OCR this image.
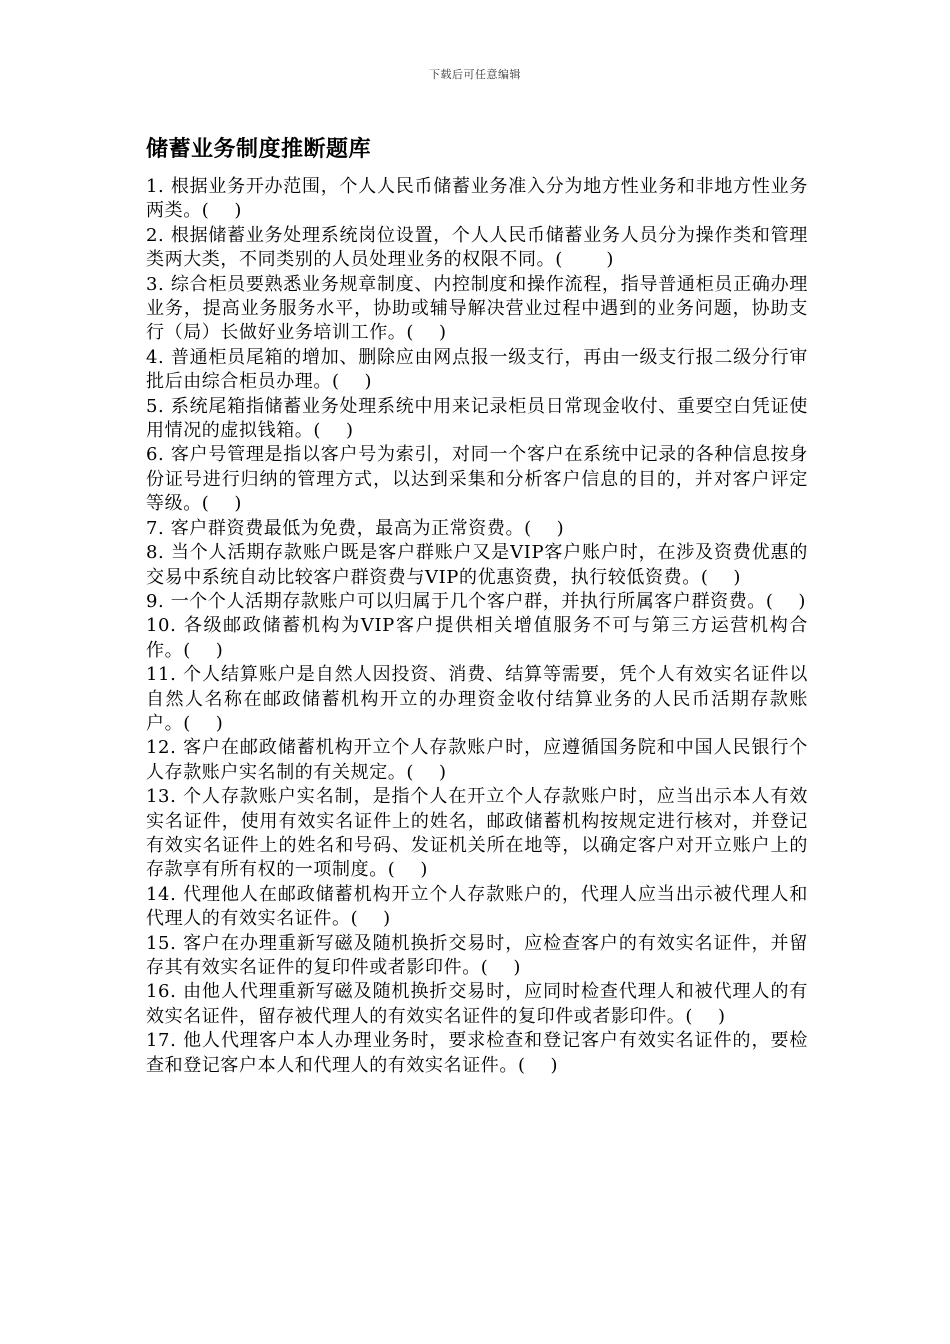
下载后可任意编辑
储蓄业务制度推断题库
1. 根据业务开办范围，个人人民币储蓄业务准入分为地方性业务和非地方性业务两类。(　 )
2. 根据储蓄业务处理系统岗位设置，个人人民币储蓄业务人员分为操作类和管理类两大类，不同类别的人员处理业务的权限不同。(　　 )
3. 综合柜员要熟悉业务规章制度、内控制度和操作流程，指导普通柜员正确办理业务，提高业务服务水平，协助或辅导解决营业过程中遇到的业务问题，协助支行（局）长做好业务培训工作。(　 )
4. 普通柜员尾箱的增加、删除应由网点报一级支行，再由一级支行报二级分行审批后由综合柜员办理。(　 )
5. 系统尾箱指储蓄业务处理系统中用来记录柜员日常现金收付、重要空白凭证使用情况的虚拟钱箱。(　 )
6. 客户号管理是指以客户号为索引，对同一个客户在系统中记录的各种信息按身份证号进行归纳的管理方式，以达到采集和分析客户信息的目的，并对客户评定等级。(　 )
7. 客户群资费最低为免费，最高为正常资费。(　 )
8. 当个人活期存款账户既是客户群账户又是VIP客户账户时，在涉及资费优惠的交易中系统自动比较客户群资费与VIP的优惠资费，执行较低资费。(　 )
9. 一个个人活期存款账户可以归属于几个客户群，并执行所属客户群资费。(　 )
10. 各级邮政储蓄机构为VIP客户提供相关增值服务不可与第三方运营机构合作。(　 )
11. 个人结算账户是自然人因投资、消费、结算等需要，凭个人有效实名证件以自然人名称在邮政储蓄机构开立的办理资金收付结算业务的人民币活期存款账户。(　 )
12. 客户在邮政储蓄机构开立个人存款账户时，应遵循国务院和中国人民银行个人存款账户实名制的有关规定。(　 )
13. 个人存款账户实名制，是指个人在开立个人存款账户时，应当出示本人有效实名证件，使用有效实名证件上的姓名，邮政储蓄机构按规定进行核对，并登记有效实名证件上的姓名和号码、发证机关所在地等，以确定客户对开立账户上的存款享有所有权的一项制度。(　 )
14. 代理他人在邮政储蓄机构开立个人存款账户的，代理人应当出示被代理人和代理人的有效实名证件。(　 )
15. 客户在办理重新写磁及随机换折交易时，应检查客户的有效实名证件，并留存其有效实名证件的复印件或者影印件。(　 )
16. 由他人代理重新写磁及随机换折交易时，应同时检查代理人和被代理人的有效实名证件，留存被代理人的有效实名证件的复印件或者影印件。(　 )
17. 他人代理客户本人办理业务时，要求检查和登记客户有效实名证件的，要检查和登记客户本人和代理人的有效实名证件。(　 )
